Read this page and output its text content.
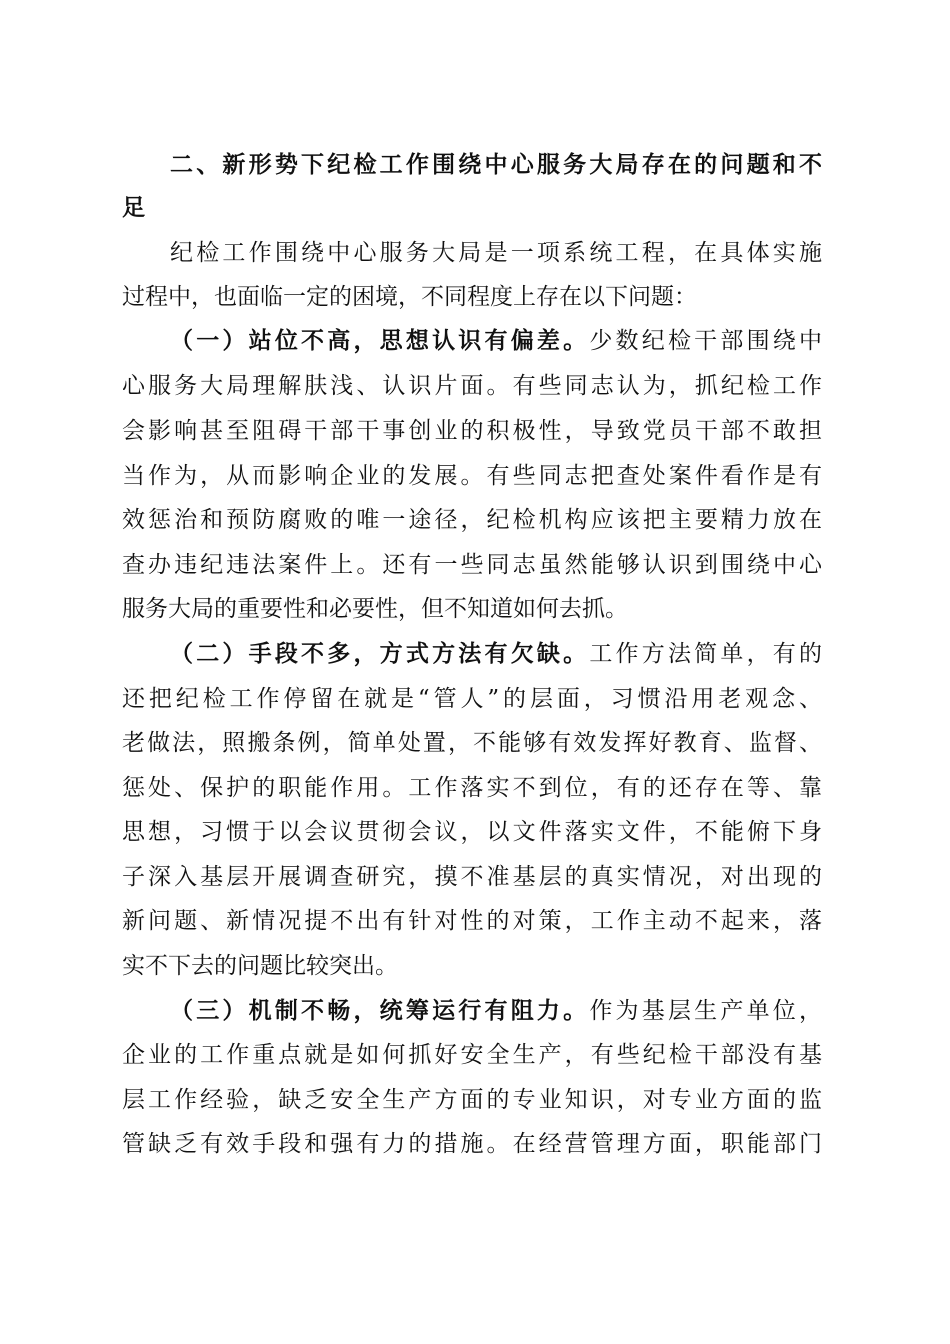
二、新形势下纪检工作围绕中心服务大局存在的问题和不
足
纪检工作围绕中心服务大局是一项系统工程，在具体实施
过程中，也面临一定的困境，不同程度上存在以下问题：
（一）站位不高，思想认识有偏差。少数纪检干部围绕中
心服务大局理解肤浅、认识片面。有些同志认为，抓纪检工作
会影响甚至阻碍干部干事创业的积极性，导致党员干部不敢担
当作为，从而影响企业的发展。有些同志把查处案件看作是有
效惩治和预防腐败的唯一途径，纪检机构应该把主要精力放在
查办违纪违法案件上。还有一些同志虽然能够认识到围绕中心
服务大局的重要性和必要性，但不知道如何去抓。
（二）手段不多，方式方法有欠缺。工作方法简单，有的
还把纪检工作停留在就是“管人”的层面，习惯沿用老观念、
老做法，照搬条例，简单处置，不能够有效发挥好教育、监督、
惩处、保护的职能作用。工作落实不到位，有的还存在等、靠
思想，习惯于以会议贯彻会议，以文件落实文件，不能俯下身
子深入基层开展调查研究，摸不准基层的真实情况，对出现的
新问题、新情况提不出有针对性的对策，工作主动不起来，落
实不下去的问题比较突出。
（三）机制不畅，统筹运行有阻力。作为基层生产单位，
企业的工作重点就是如何抓好安全生产，有些纪检干部没有基
层工作经验，缺乏安全生产方面的专业知识，对专业方面的监
管缺乏有效手段和强有力的措施。在经营管理方面，职能部门
